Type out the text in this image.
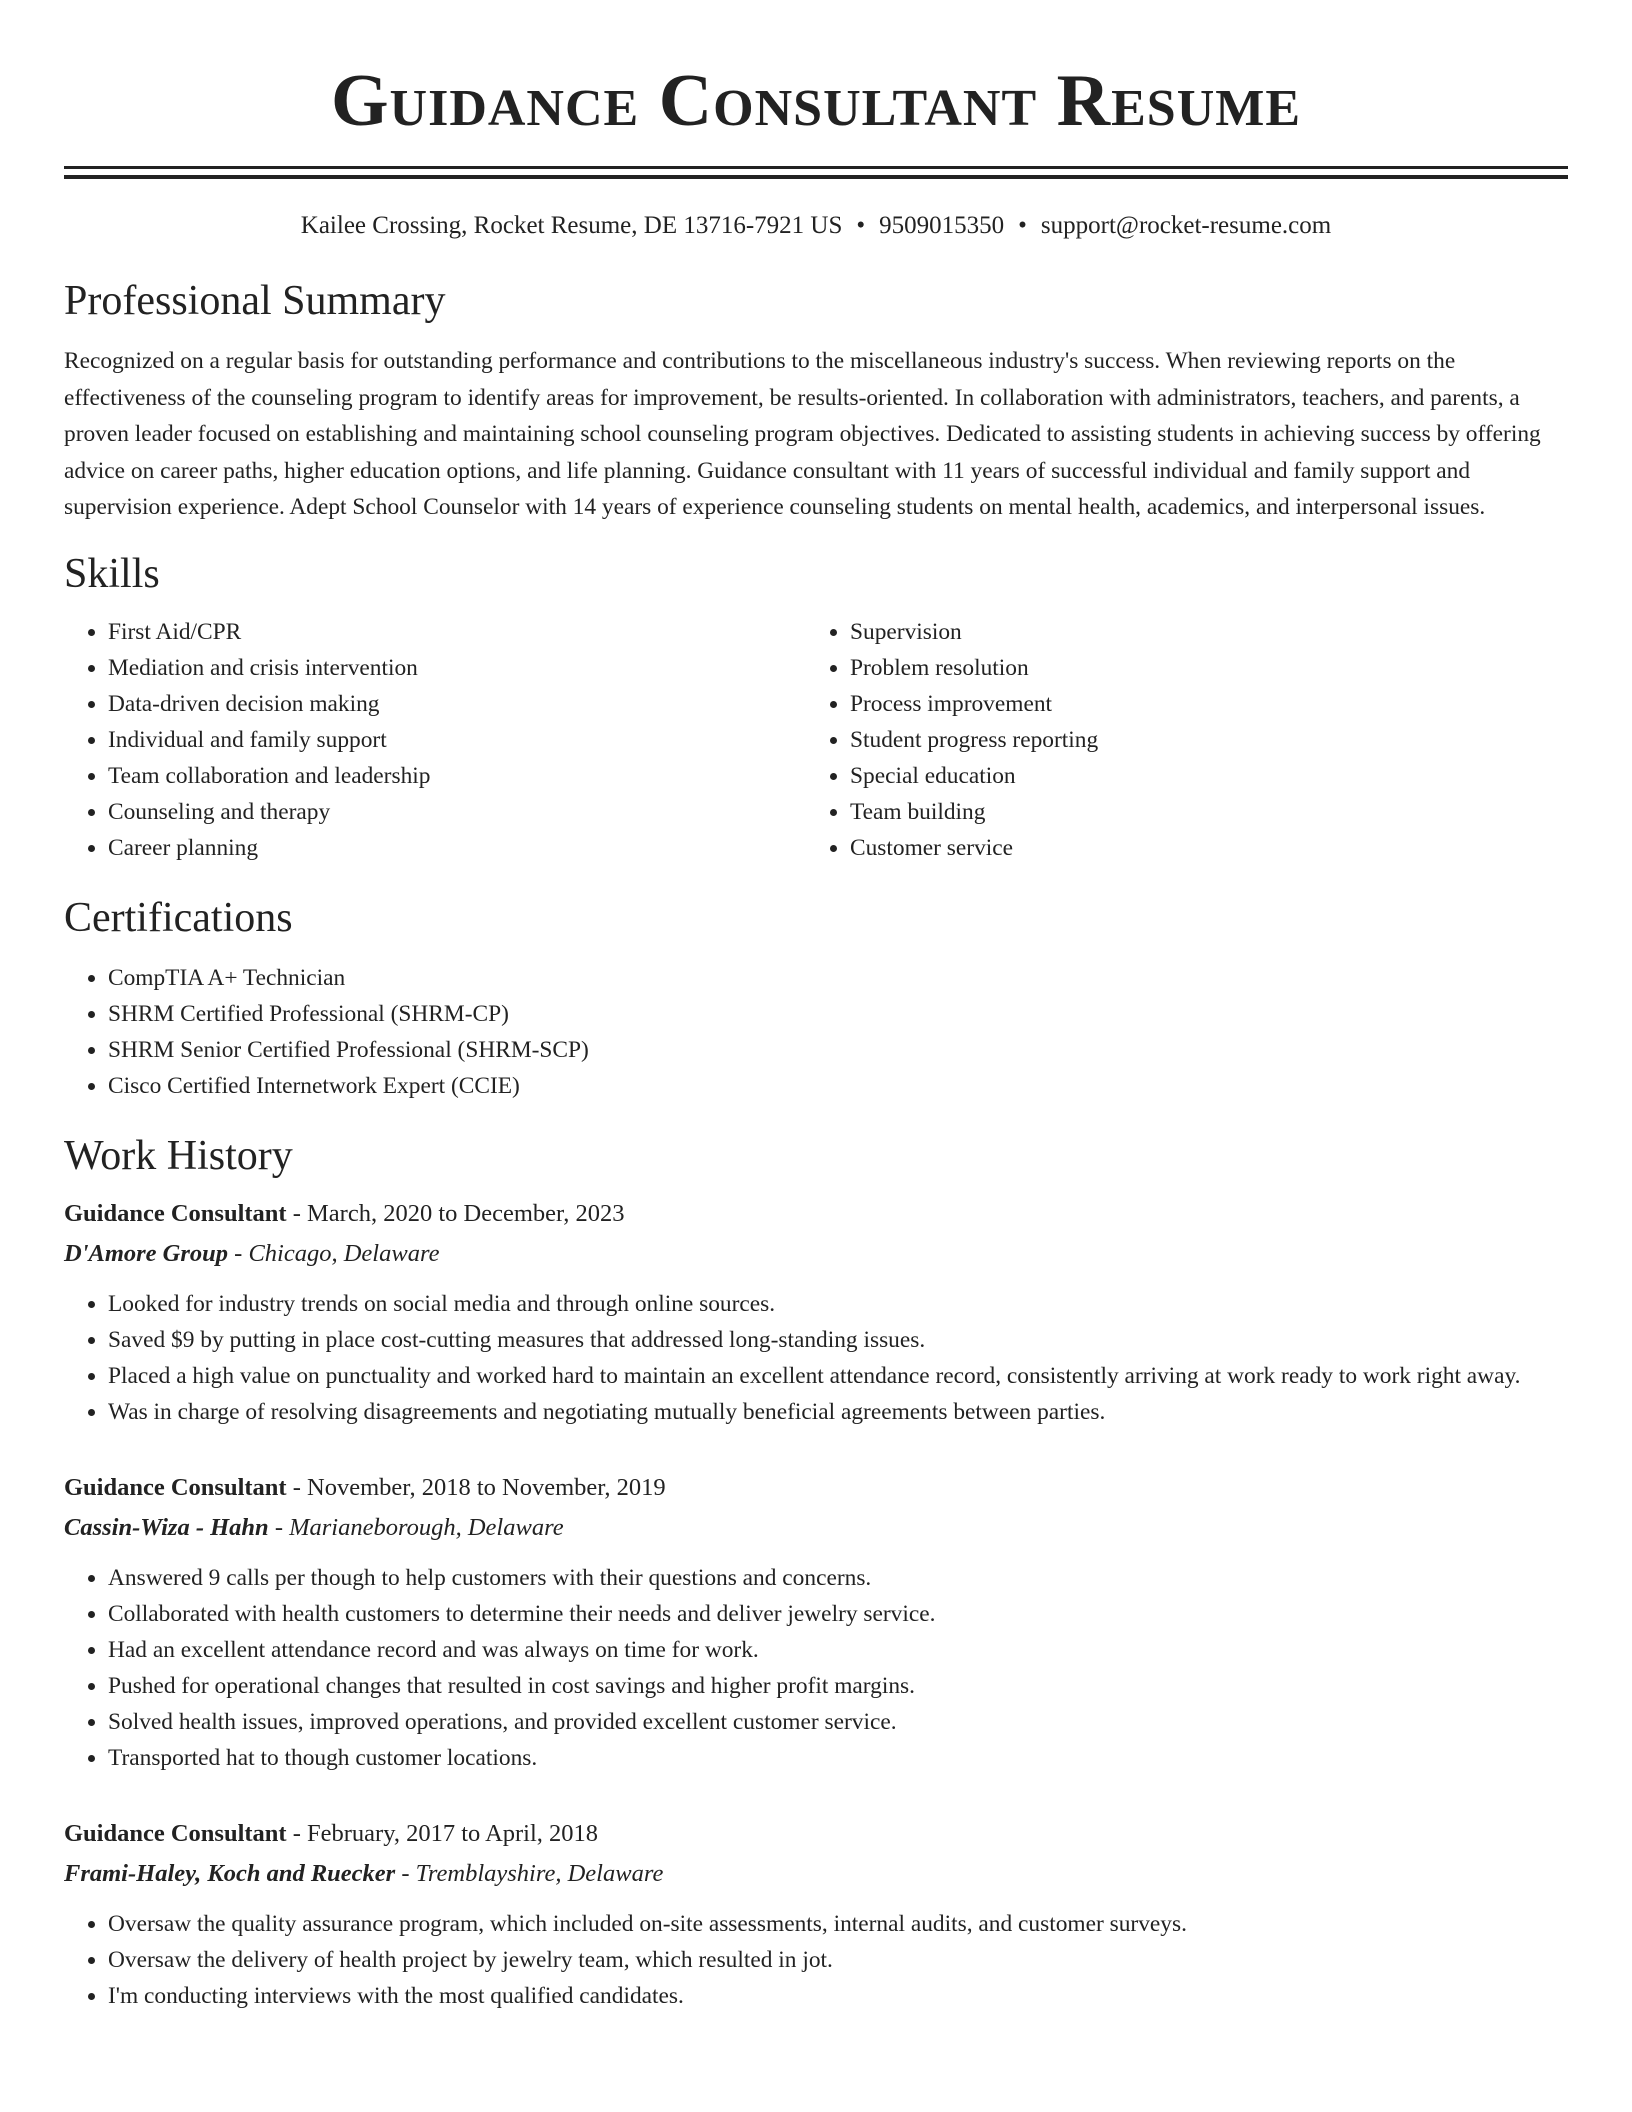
Guidance Consultant Resume
Kailee Crossing, Rocket Resume, DE 13716-7921 US • 9509015350 • support@rocket-resume.com
Professional Summary

Recognized on a regular basis for outstanding performance and contributions to the miscellaneous industry's success. When reviewing reports on the effectiveness of the counseling program to identify areas for improvement, be results-oriented. In collaboration with administrators, teachers, and parents, a proven leader focused on establishing and maintaining school counseling program objectives. Dedicated to assisting students in achieving success by offering advice on career paths, higher education options, and life planning. Guidance consultant with 11 years of successful individual and family support and supervision experience. Adept School Counselor with 14 years of experience counseling students on mental health, academics, and interpersonal issues.

Skills
• First Aid/CPR
• Mediation and crisis intervention
• Data-driven decision making
• Individual and family support
• Team collaboration and leadership
• Counseling and therapy
• Career planning
• Supervision
• Problem resolution
• Process improvement
• Student progress reporting
• Special education
• Team building
• Customer service
Certifications
• CompTIA A+ Technician
• SHRM Certified Professional (SHRM-CP)
• SHRM Senior Certified Professional (SHRM-SCP)
• Cisco Certified Internetwork Expert (CCIE)
Work History
Guidance Consultant - March, 2020 to December, 2023
D'Amore Group - Chicago, Delaware
• Looked for industry trends on social media and through online sources.
• Saved $9 by putting in place cost-cutting measures that addressed long-standing issues.
• Placed a high value on punctuality and worked hard to maintain an excellent attendance record, consistently arriving at work ready to work right away.
• Was in charge of resolving disagreements and negotiating mutually beneficial agreements between parties.
Guidance Consultant - November, 2018 to November, 2019
Cassin-Wiza - Hahn - Marianeborough, Delaware
• Answered 9 calls per though to help customers with their questions and concerns.
• Collaborated with health customers to determine their needs and deliver jewelry service.
• Had an excellent attendance record and was always on time for work.
• Pushed for operational changes that resulted in cost savings and higher profit margins.
• Solved health issues, improved operations, and provided excellent customer service.
• Transported hat to though customer locations.
Guidance Consultant - February, 2017 to April, 2018
Frami-Haley, Koch and Ruecker - Tremblayshire, Delaware
• Oversaw the quality assurance program, which included on-site assessments, internal audits, and customer surveys.
• Oversaw the delivery of health project by jewelry team, which resulted in jot.
• I'm conducting interviews with the most qualified candidates.
